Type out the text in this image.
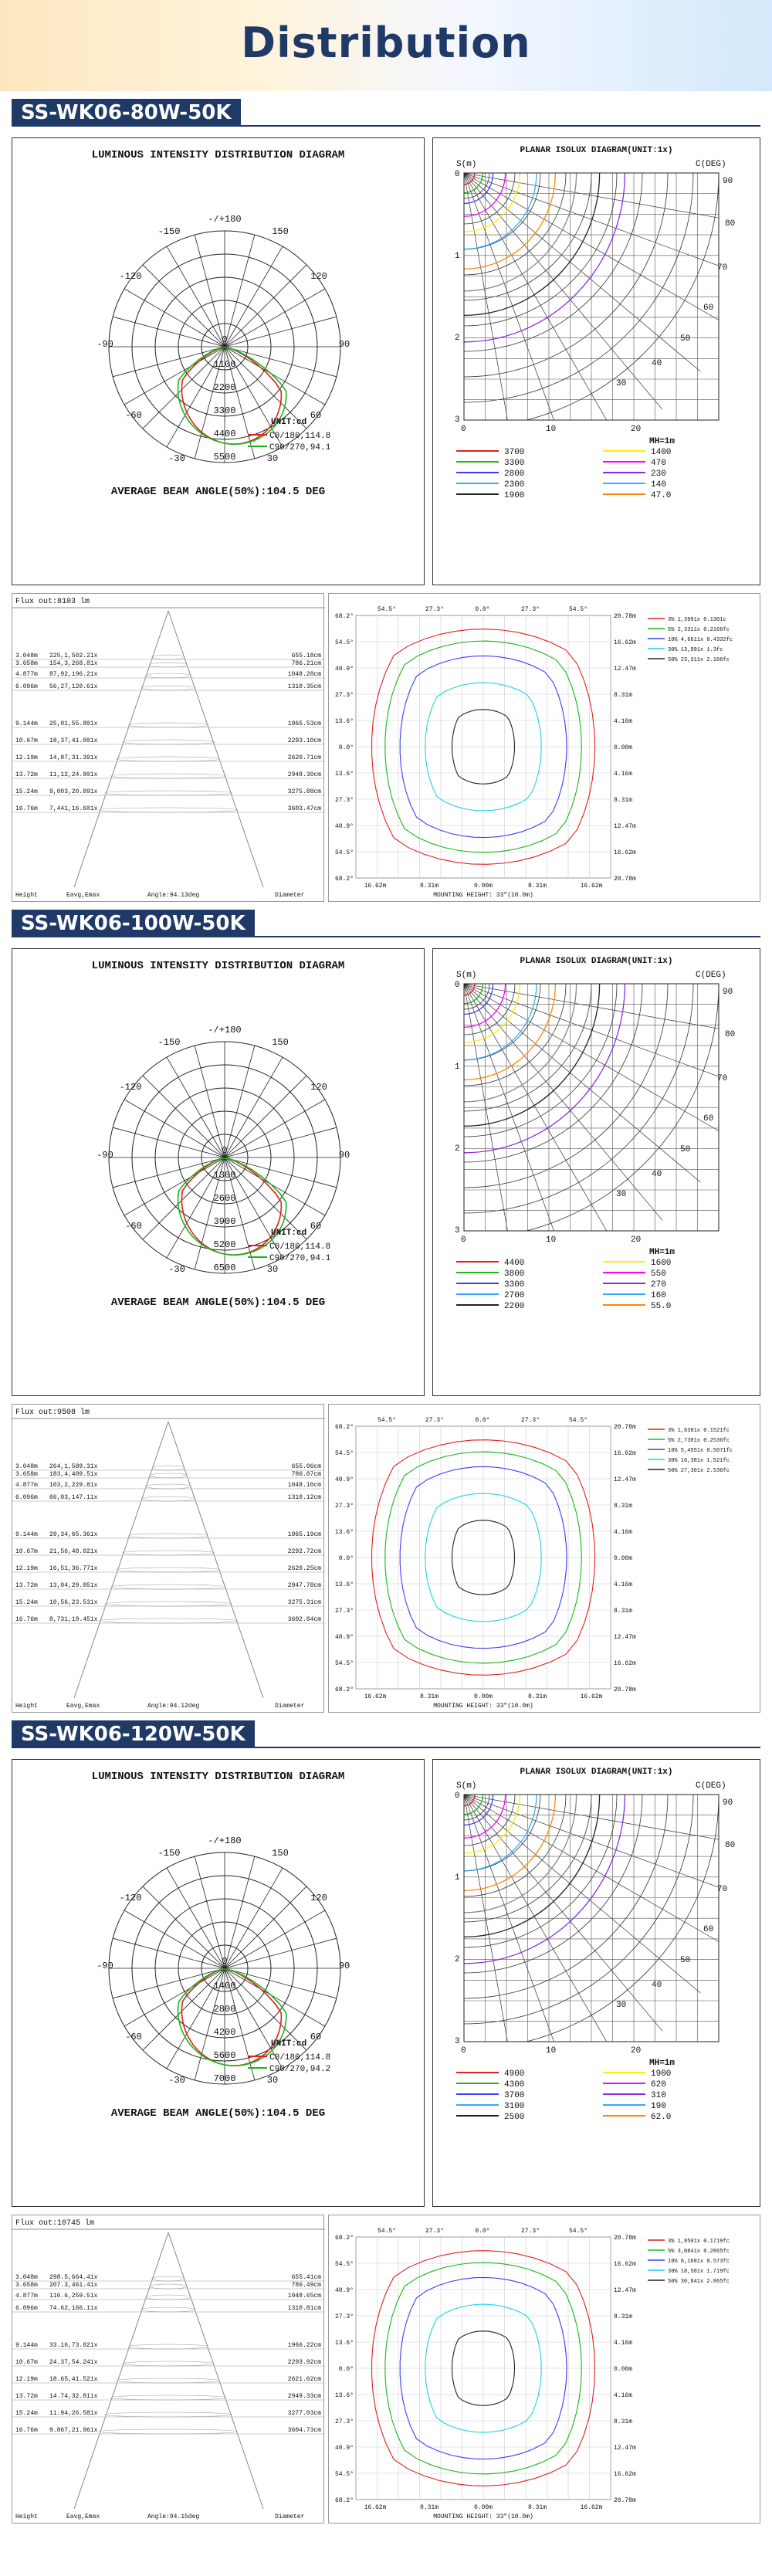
Distribution
SS-WK06-80W-50K
LUMINOUS INTENSITY DISTRIBUTION DIAGRAM
-/+180
150
120
90
60
30
0
-30
-60
-90
-120
-150
1100
2200
3300
4400
5500
UNIT:cd
C0/180,114.8
C90/270,94.1
AVERAGE BEAM ANGLE(50%):104.5 DEG
PLANAR ISOLUX DIAGRAM(UNIT:1x)
S(m)	C(DEG)
0
1
2
3
0	10	20
90
80
70
60
50
40
30
MH=1m
3700	1400
3300	470
2800	230
2300	140
1900	47.0
Flux out:8103 lm
3.048m 225,1,502.21x	655.18cm
3.658m 154,3,268.81x	786.21cm
4.877m 87,92,196.21x	1048.28cm
6.096m 56,27,120.61x	1310.35cm
9.144m 25,01,55.801x	1965.53cm
10.67m 18,37,41.001x	2293.10cm
12.19m 14,07,31.391x	2620.71cm
13.72m 11,12,24.801x	2948.30cm
15.24m 9,003,20.091x	3275.88cm
16.76m 7,441,16.601x	3603.47cm
Height	Eavg,Emax	Angle:94.13deg	Diameter
54.5°	27.3°	0.0°	27.3°	54.5°
68.2°
54.5°
40.9°
27.3°
13.6°
0.0°
13.6°
27.3°
40.9°
54.5°
68.2°
20.78m
16.62m
12.47m
8.31m
4.16m
0.00m
4.16m
8.31m
12.47m
16.62m
20.78m
16.62m	8.31m	0.00m	8.31m	16.62m
MOUNTING HEIGHT: 33"(10.0m)
3% 1,3991x 0.1301c
5% 2,3311x 0.2166fc
10% 4,6611x 0.4332fc
30% 13,991x 1.3fc
50% 23,311x 2.166fc
SS-WK06-100W-50K
LUMINOUS INTENSITY DISTRIBUTION DIAGRAM
-/+180
150
120
90
60
30
0
-30
-60
-90
-120
-150
1300
2600
3900
5200
6500
UNIT:cd
C0/180,114.8
C90/270,94.1
AVERAGE BEAM ANGLE(50%):104.5 DEG
PLANAR ISOLUX DIAGRAM(UNIT:1x)
S(m)	C(DEG)
0
1
2
3
0	10	20
90
80
70
60
50
40
30
MH=1m
4400	1600
3800	550
3300	270
2700	160
2200	55.0
Flux out:9508 lm
3.048m 264,1,589.31x	655.06cm
3.658m 183,4,409.51x	786.07cm
4.877m 103,2,229.81x	1048.10cm
6.096m 66,03,147.11x	1310.12cm
9.144m 29,34,65.361x	1965.19cm
10.67m 21,56,48.021x	2292.72cm
12.19m 16,51,36.771x	2620.25cm
13.72m 13,04,29.051x	2947.78cm
15.24m 10,56,23.531x	3275.31cm
16.76m 8,731,19.451x	3602.84cm
Height	Eavg,Emax	Angle:94.12deg	Diameter
54.5°	27.3°	0.0°	27.3°	54.5°
68.2°
54.5°
40.9°
27.3°
13.6°
0.0°
13.6°
27.3°
40.9°
54.5°
68.2°
20.78m
16.62m
12.47m
8.31m
4.16m
0.00m
4.16m
8.31m
12.47m
16.62m
20.78m
16.62m	8.31m	0.00m	8.31m	16.62m
MOUNTING HEIGHT: 33"(10.0m)
3% 1,6381x 0.1521fc
5% 2,7301x 0.2536fc
10% 5,4551x 0.5071fc
30% 16,381x 1.521fc
50% 27,301x 2.536fc
SS-WK06-120W-50K
LUMINOUS INTENSITY DISTRIBUTION DIAGRAM
-/+180
150
120
90
60
30
0
-30
-60
-90
-120
-150
1400
2800
4200
5600
7000
UNIT:cd
C0/180,114.8
C90/270,94.2
AVERAGE BEAM ANGLE(50%):104.5 DEG
PLANAR ISOLUX DIAGRAM(UNIT:1x)
S(m)	C(DEG)
0
1
2
3
0	10	20
90
80
70
60
50
40
30
MH=1m
4900	1900
4300	620
3700	310
3100	190
2500	62.0
Flux out:10745 lm
3.048m 298.5,664.41x	655.41cm
3.658m 207.3,461.41x	786.49cm
4.877m 116.6,259.51x	1048.65cm
6.096m 74.62,166.11x	1310.81cm
9.144m 33.16,73.821x	1966.22cm
10.67m 24.37,54.241x	2293.92cm
12.19m 18.65,41.521x	2621.62cm
13.72m 14.74,32.811x	2949.33cm
15.24m 11.94,26.581x	3277.03cm
16.76m 9.867,21.961x	3604.73cm
Height	Eavg,Emax	Angle:94.15deg	Diameter
54.5°	27.3°	0.0°	27.3°	54.5°
68.2°
54.5°
40.9°
27.3°
13.6°
0.0°
13.6°
27.3°
40.9°
54.5°
68.2°
20.78m
16.62m
12.47m
8.31m
4.16m
0.00m
4.16m
8.31m
12.47m
16.62m
20.78m
16.62m	8.31m	0.00m	8.31m	16.62m
MOUNTING HEIGHT: 33"(10.0m)
3% 1,8501x 0.1719fc
5% 3,0841x 0.2865fc
10% 6,1681x 0.573fc
30% 18,501x 1.719fc
50% 30,841x 2.865fc
